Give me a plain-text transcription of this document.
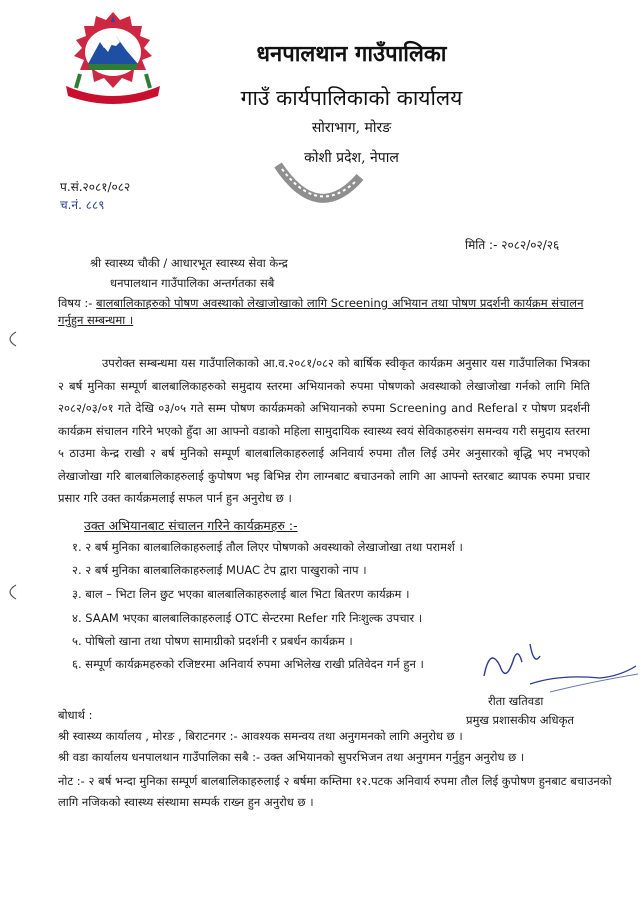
धनपालथान गाउँपालिका
गाउँ कार्यपालिकाको कार्यालय
सोराभाग, मोरङ
कोशी प्रदेश, नेपाल
प.सं.२०८१/०८२
च.नं. ८८९
मिति :- २०८२/०२/२६
श्री स्वास्थ्य चौकी / आधारभूत स्वास्थ्य सेवा केन्द्र
धनपालथान गाउँपालिका अन्तर्गतका सबै
विषय :- बालबालिकाहरुको पोषण अवस्थाको लेखाजोखाको लागि Screening अभियान तथा पोषण प्रदर्शनी कार्यक्रम संचालन गर्नुहुन सम्बन्धमा ।
उपरोक्त सम्बन्धमा यस गाउँपालिकाको आ.व.२०८१/०८२ को बार्षिक स्वीकृत कार्यक्रम अनुसार यस गाउँपालिका भित्रका २ बर्ष मुनिका सम्पूर्ण बालबालिकाहरुको समुदाय स्तरमा अभियानको रुपमा पोषणको अवस्थाको लेखाजोखा गर्नको लागि मिति २०८२/०३/०१ गते देखि ०३/०५ गते सम्म पोषण कार्यक्रमको अभियानको रुपमा Screening and Referal र पोषण प्रदर्शनी कार्यक्रम संचालन गरिने भएको हुँदा आ आफ्नो वडाको महिला सामुदायिक स्वास्थ्य स्वयं सेविकाहरुसंग समन्वय गरी समुदाय स्तरमा ५ ठाउमा केन्द्र राखी २ बर्ष मुनिको सम्पूर्ण बालबालिकाहरुलाई अनिवार्य रुपमा तौल लिई उमेर अनुसारको बृद्धि भए नभएको लेखाजोखा गरि बालबालिकाहरुलाई कुपोषण भइ बिभिन्न रोग लाग्नबाट बचाउनको लागि आ आफ्नो स्तरबाट ब्यापक रुपमा प्रचार प्रसार गरि उक्त कार्यक्रमलाई सफल पार्न हुन अनुरोध छ ।
उक्त अभियानबाट संचालन गरिने कार्यक्रमहरु :-
१. २ बर्ष मुनिका बालबालिकाहरुलाई तौल लिएर पोषणको अवस्थाको लेखाजोखा तथा परामर्श ।
२. २ बर्ष मुनिका बालबालिकाहरुलाई MUAC टेप द्वारा पाखुराको नाप ।
३. बाल – भिटा लिन छुट भएका बालबालिकाहरुलाई बाल भिटा बितरण कार्यक्रम ।
४. SAAM भएका बालबालिकाहरुलाई OTC सेन्टरमा Refer गरि निःशुल्क उपचार ।
५. पोषिलो खाना तथा पोषण सामाग्रीको प्रदर्शनी र प्रबर्धन कार्यक्रम ।
६. सम्पूर्ण कार्यक्रमहरुको रजिष्टरमा अनिवार्य रुपमा अभिलेख राखी प्रतिवेदन गर्न हुन ।
रीता खतिवडा
प्रमुख प्रशासकीय अधिकृत
बोधार्थ :
श्री स्वास्थ्य कार्यालय , मोरङ , बिराटनगर :- आवश्यक समन्वय तथा अनुगमनको लागि अनुरोध छ ।
श्री वडा कार्यालय धनपालथान गाउँपालिका सबै :- उक्त अभियानको सुपरभिजन तथा अनुगमन गर्नुहुन अनुरोध छ ।
नोट :- २ बर्ष भन्दा मुनिका सम्पूर्ण बालबालिकाहरुलाई २ बर्षमा कम्तिमा १२.पटक अनिवार्य रुपमा तौल लिई कुपोषण हुनबाट बचाउनको लागि नजिकको स्वास्थ्य संस्थामा सम्पर्क राख्न हुन अनुरोध छ ।
